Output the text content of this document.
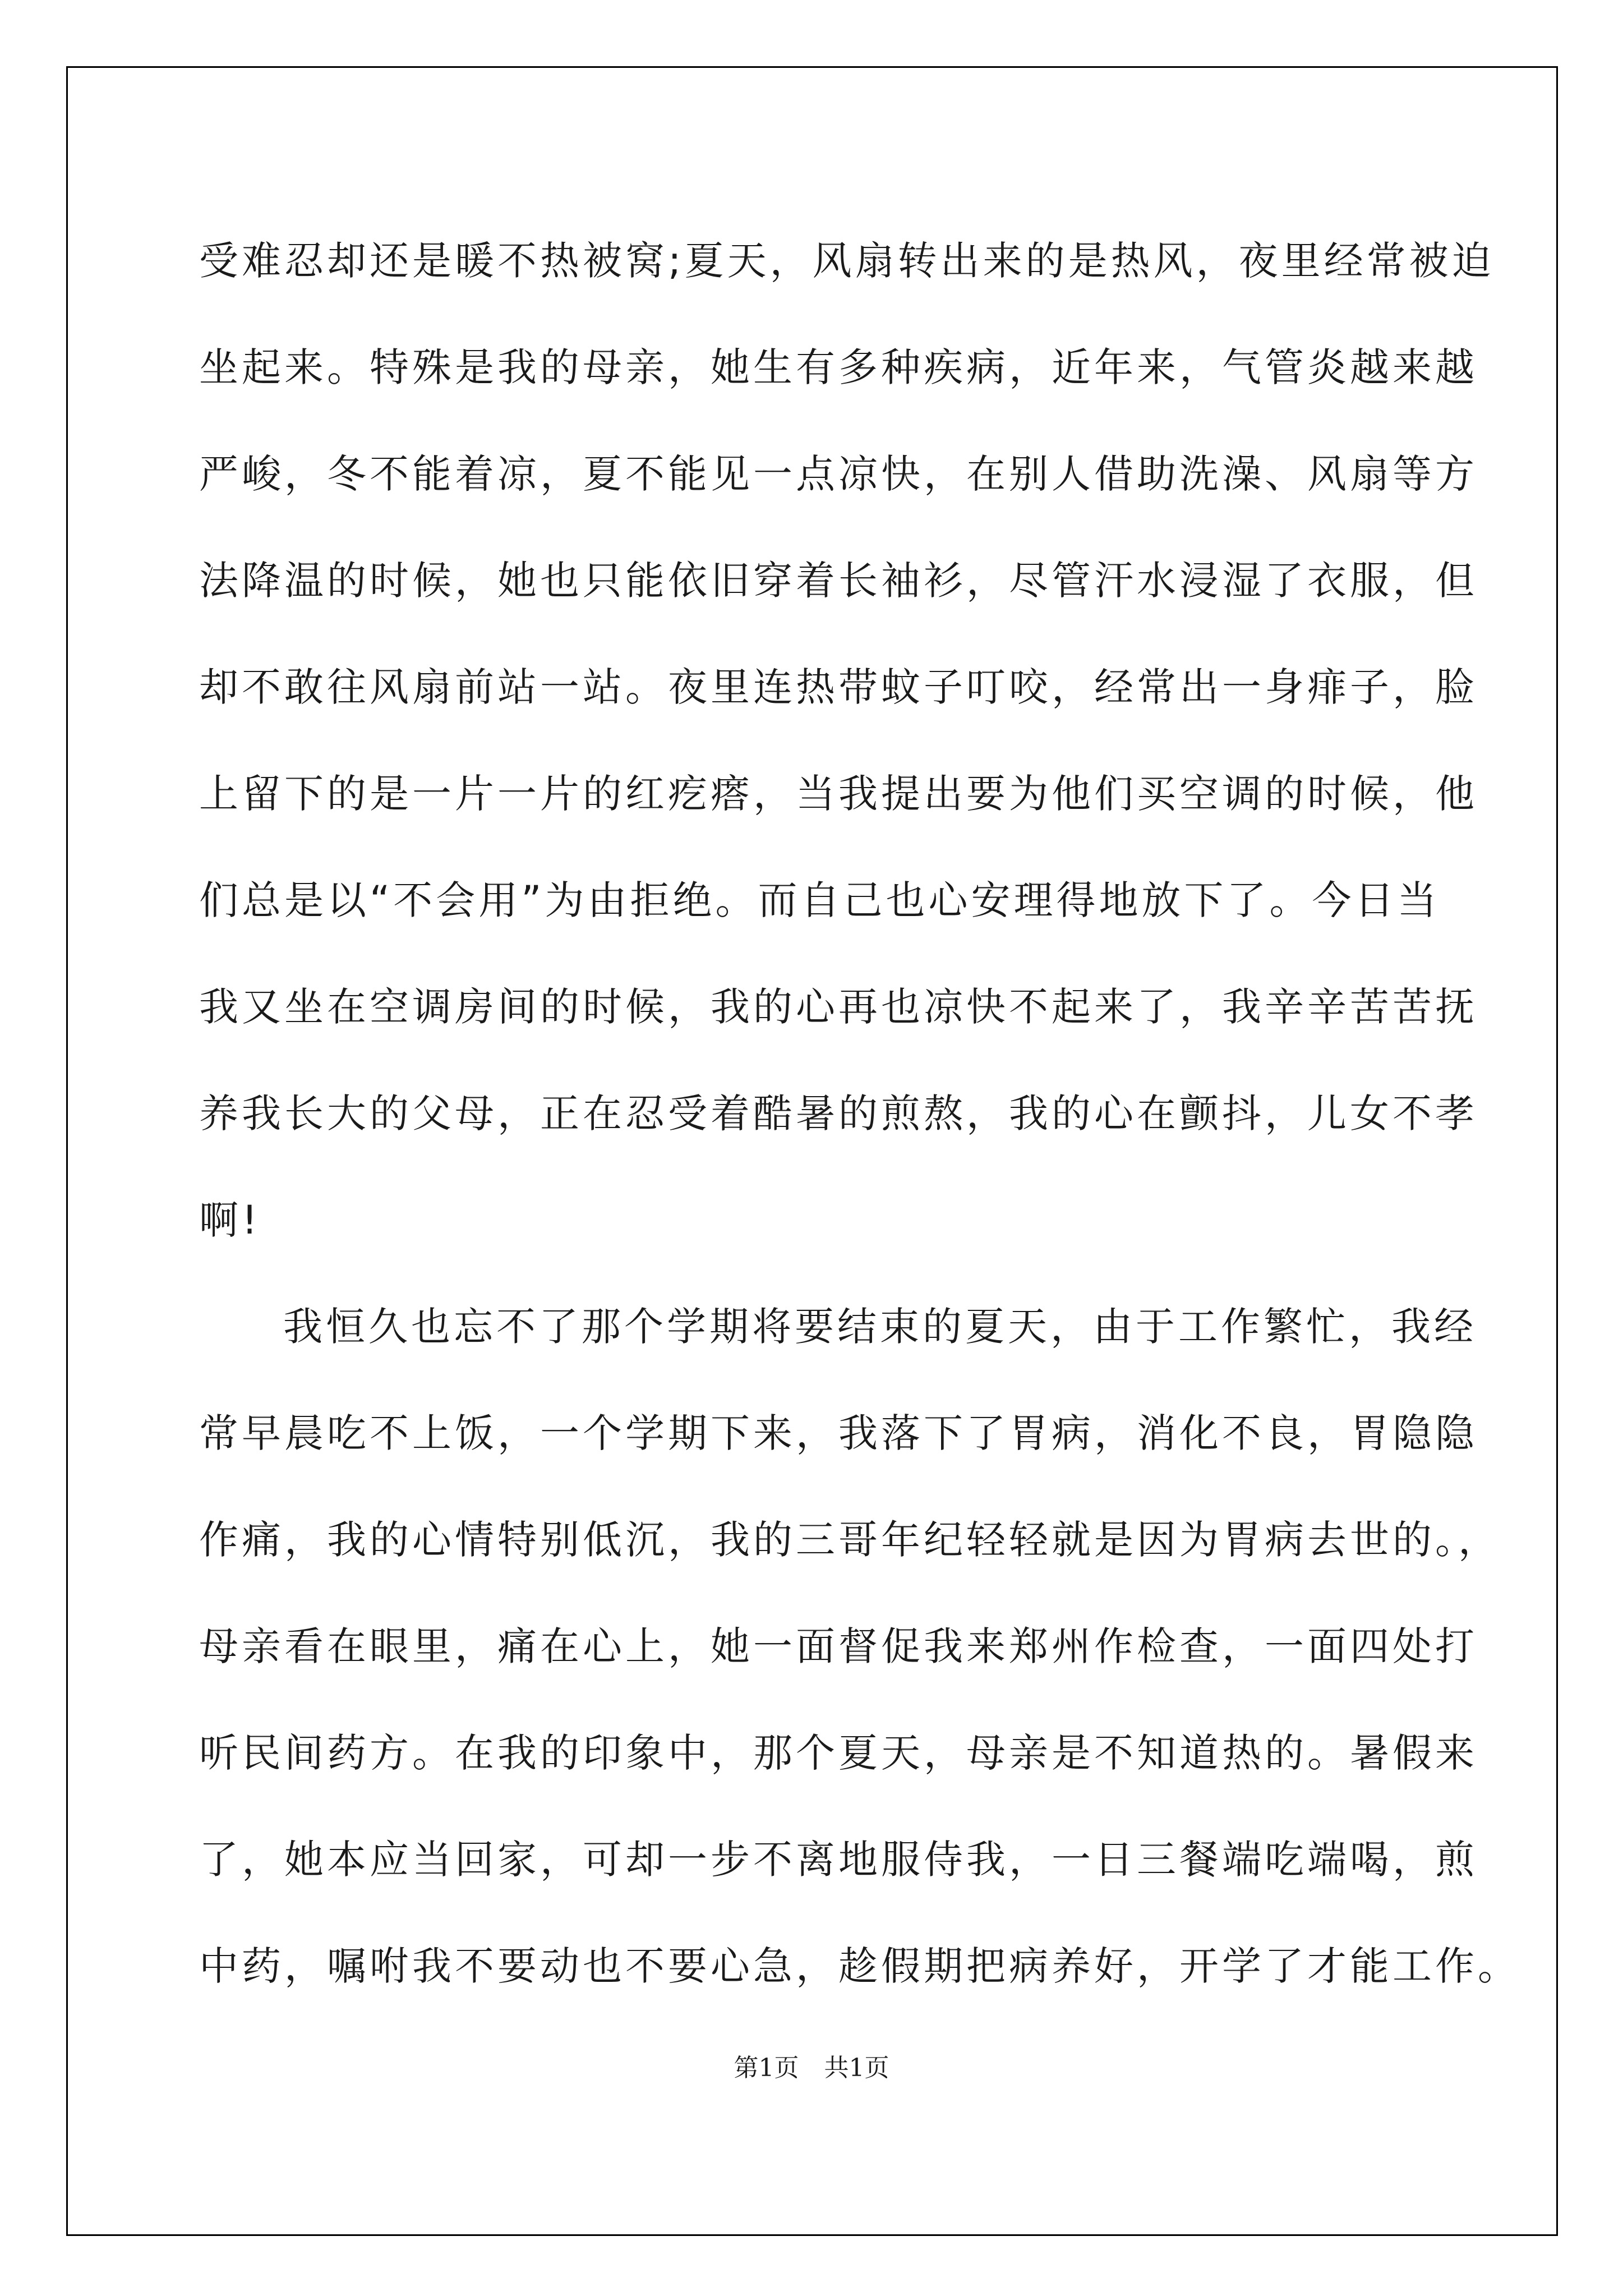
受难忍却还是暖不热被窝;夏天，风扇转出来的是热风，夜里经常被迫
坐起来。特殊是我的母亲，她生有多种疾病，近年来，气管炎越来越
严峻，冬不能着凉，夏不能见一点凉快，在别人借助洗澡、风扇等方
法降温的时候，她也只能依旧穿着长袖衫，尽管汗水浸湿了衣服，但
却不敢往风扇前站一站。夜里连热带蚊子叮咬，经常出一身痱子，脸
上留下的是一片一片的红疙瘩，当我提出要为他们买空调的时候，他
们总是以“不会用”为由拒绝。而自己也心安理得地放下了。今日当
我又坐在空调房间的时候，我的心再也凉快不起来了，我辛辛苦苦抚
养我长大的父母，正在忍受着酷暑的煎熬，我的心在颤抖，儿女不孝
啊!
我恒久也忘不了那个学期将要结束的夏天，由于工作繁忙，我经
常早晨吃不上饭，一个学期下来，我落下了胃病，消化不良，胃隐隐
作痛，我的心情特别低沉，我的三哥年纪轻轻就是因为胃病去世的。，
母亲看在眼里，痛在心上，她一面督促我来郑州作检查，一面四处打
听民间药方。在我的印象中，那个夏天，母亲是不知道热的。暑假来
了，她本应当回家，可却一步不离地服侍我，一日三餐端吃端喝，煎
中药，嘱咐我不要动也不要心急，趁假期把病养好，开学了才能工作。
第1页 共1页
